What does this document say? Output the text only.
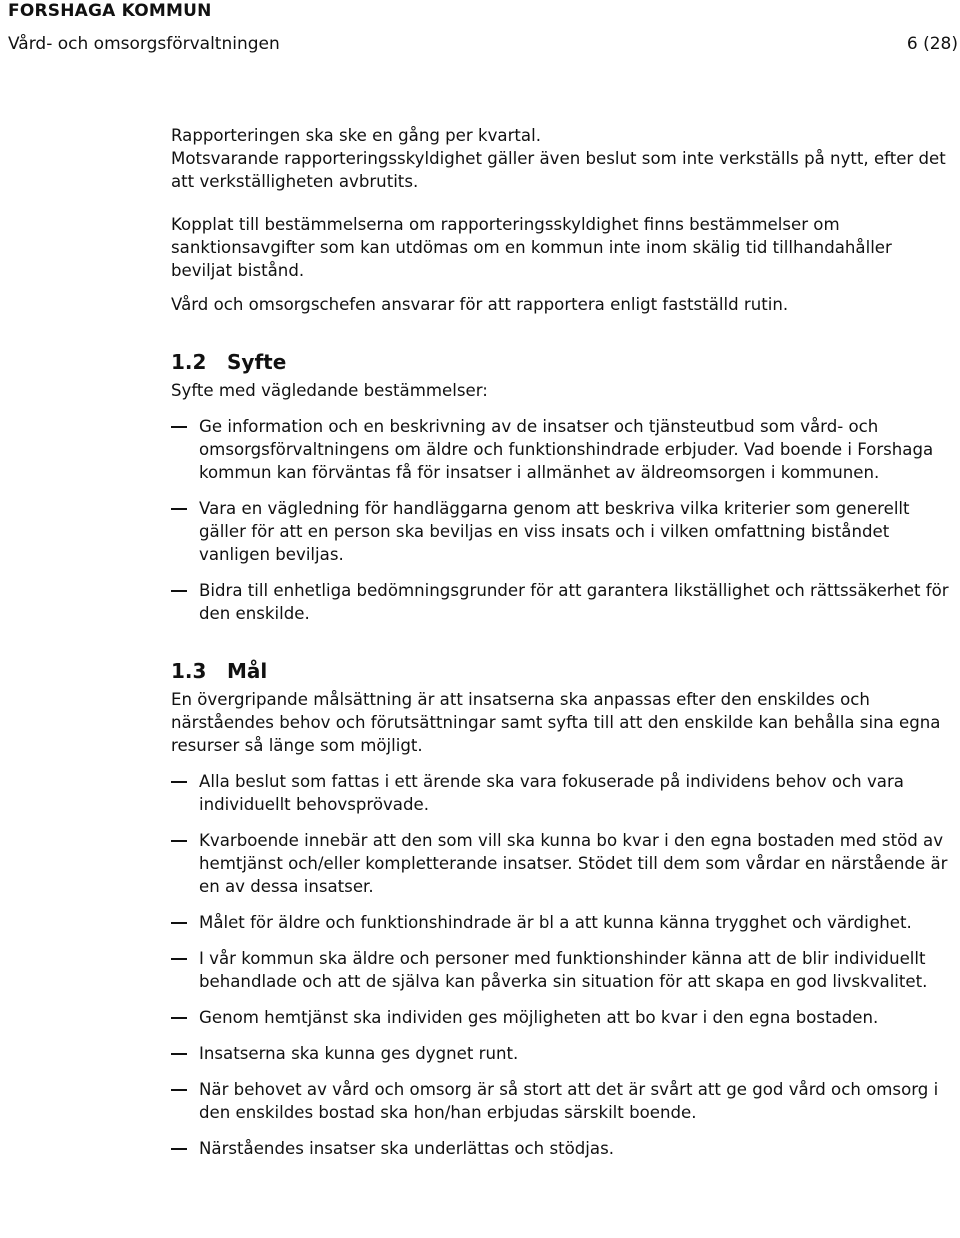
FORSHAGA KOMMUN
Vård- och omsorgsförvaltningen	6 (28)

Rapporteringen ska ske en gång per kvartal.

Motsvarande rapporteringsskyldighet gäller även beslut som inte verkställs på nytt, efter det att verkställigheten avbrutits.

Kopplat till bestämmelserna om rapporteringsskyldighet finns bestämmelser om sanktionsavgifter som kan utdömas om en kommun inte inom skälig tid tillhandahåller beviljat bistånd.

Vård och omsorgschefen ansvarar för att rapportera enligt fastställd rutin.

1.2	Syfte

Syfte med vägledande bestämmelser:

Ge information och en beskrivning av de insatser och tjänsteutbud som vård- och omsorgsförvaltningens om äldre och funktionshindrade erbjuder. Vad boende i Forshaga kommun kan förväntas få för insatser i allmänhet av äldreomsorgen i kommunen.
Vara en vägledning för handläggarna genom att beskriva vilka kriterier som generellt gäller för att en person ska beviljas en viss insats och i vilken omfattning biståndet vanligen beviljas.
Bidra till enhetliga bedömningsgrunder för att garantera likställighet och rättssäkerhet för den enskilde.
1.3	Mål

En övergripande målsättning är att insatserna ska anpassas efter den enskildes och närståendes behov och förutsättningar samt syfta till att den enskilde kan behålla sina egna resurser så länge som möjligt.

Alla beslut som fattas i ett ärende ska vara fokuserade på individens behov och vara individuellt behovsprövade.
Kvarboende innebär att den som vill ska kunna bo kvar i den egna bostaden med stöd av hemtjänst och/eller kompletterande insatser. Stödet till dem som vårdar en närstående är en av dessa insatser.
Målet för äldre och funktionshindrade är bl a att kunna känna trygghet och värdighet.
I vår kommun ska äldre och personer med funktionshinder känna att de blir individuellt behandlade och att de själva kan påverka sin situation för att skapa en god livskvalitet.
Genom hemtjänst ska individen ges möjligheten att bo kvar i den egna bostaden.
Insatserna ska kunna ges dygnet runt.
När behovet av vård och omsorg är så stort att det är svårt att ge god vård och omsorg i den enskildes bostad ska hon/han erbjudas särskilt boende.
Närståendes insatser ska underlättas och stödjas.
